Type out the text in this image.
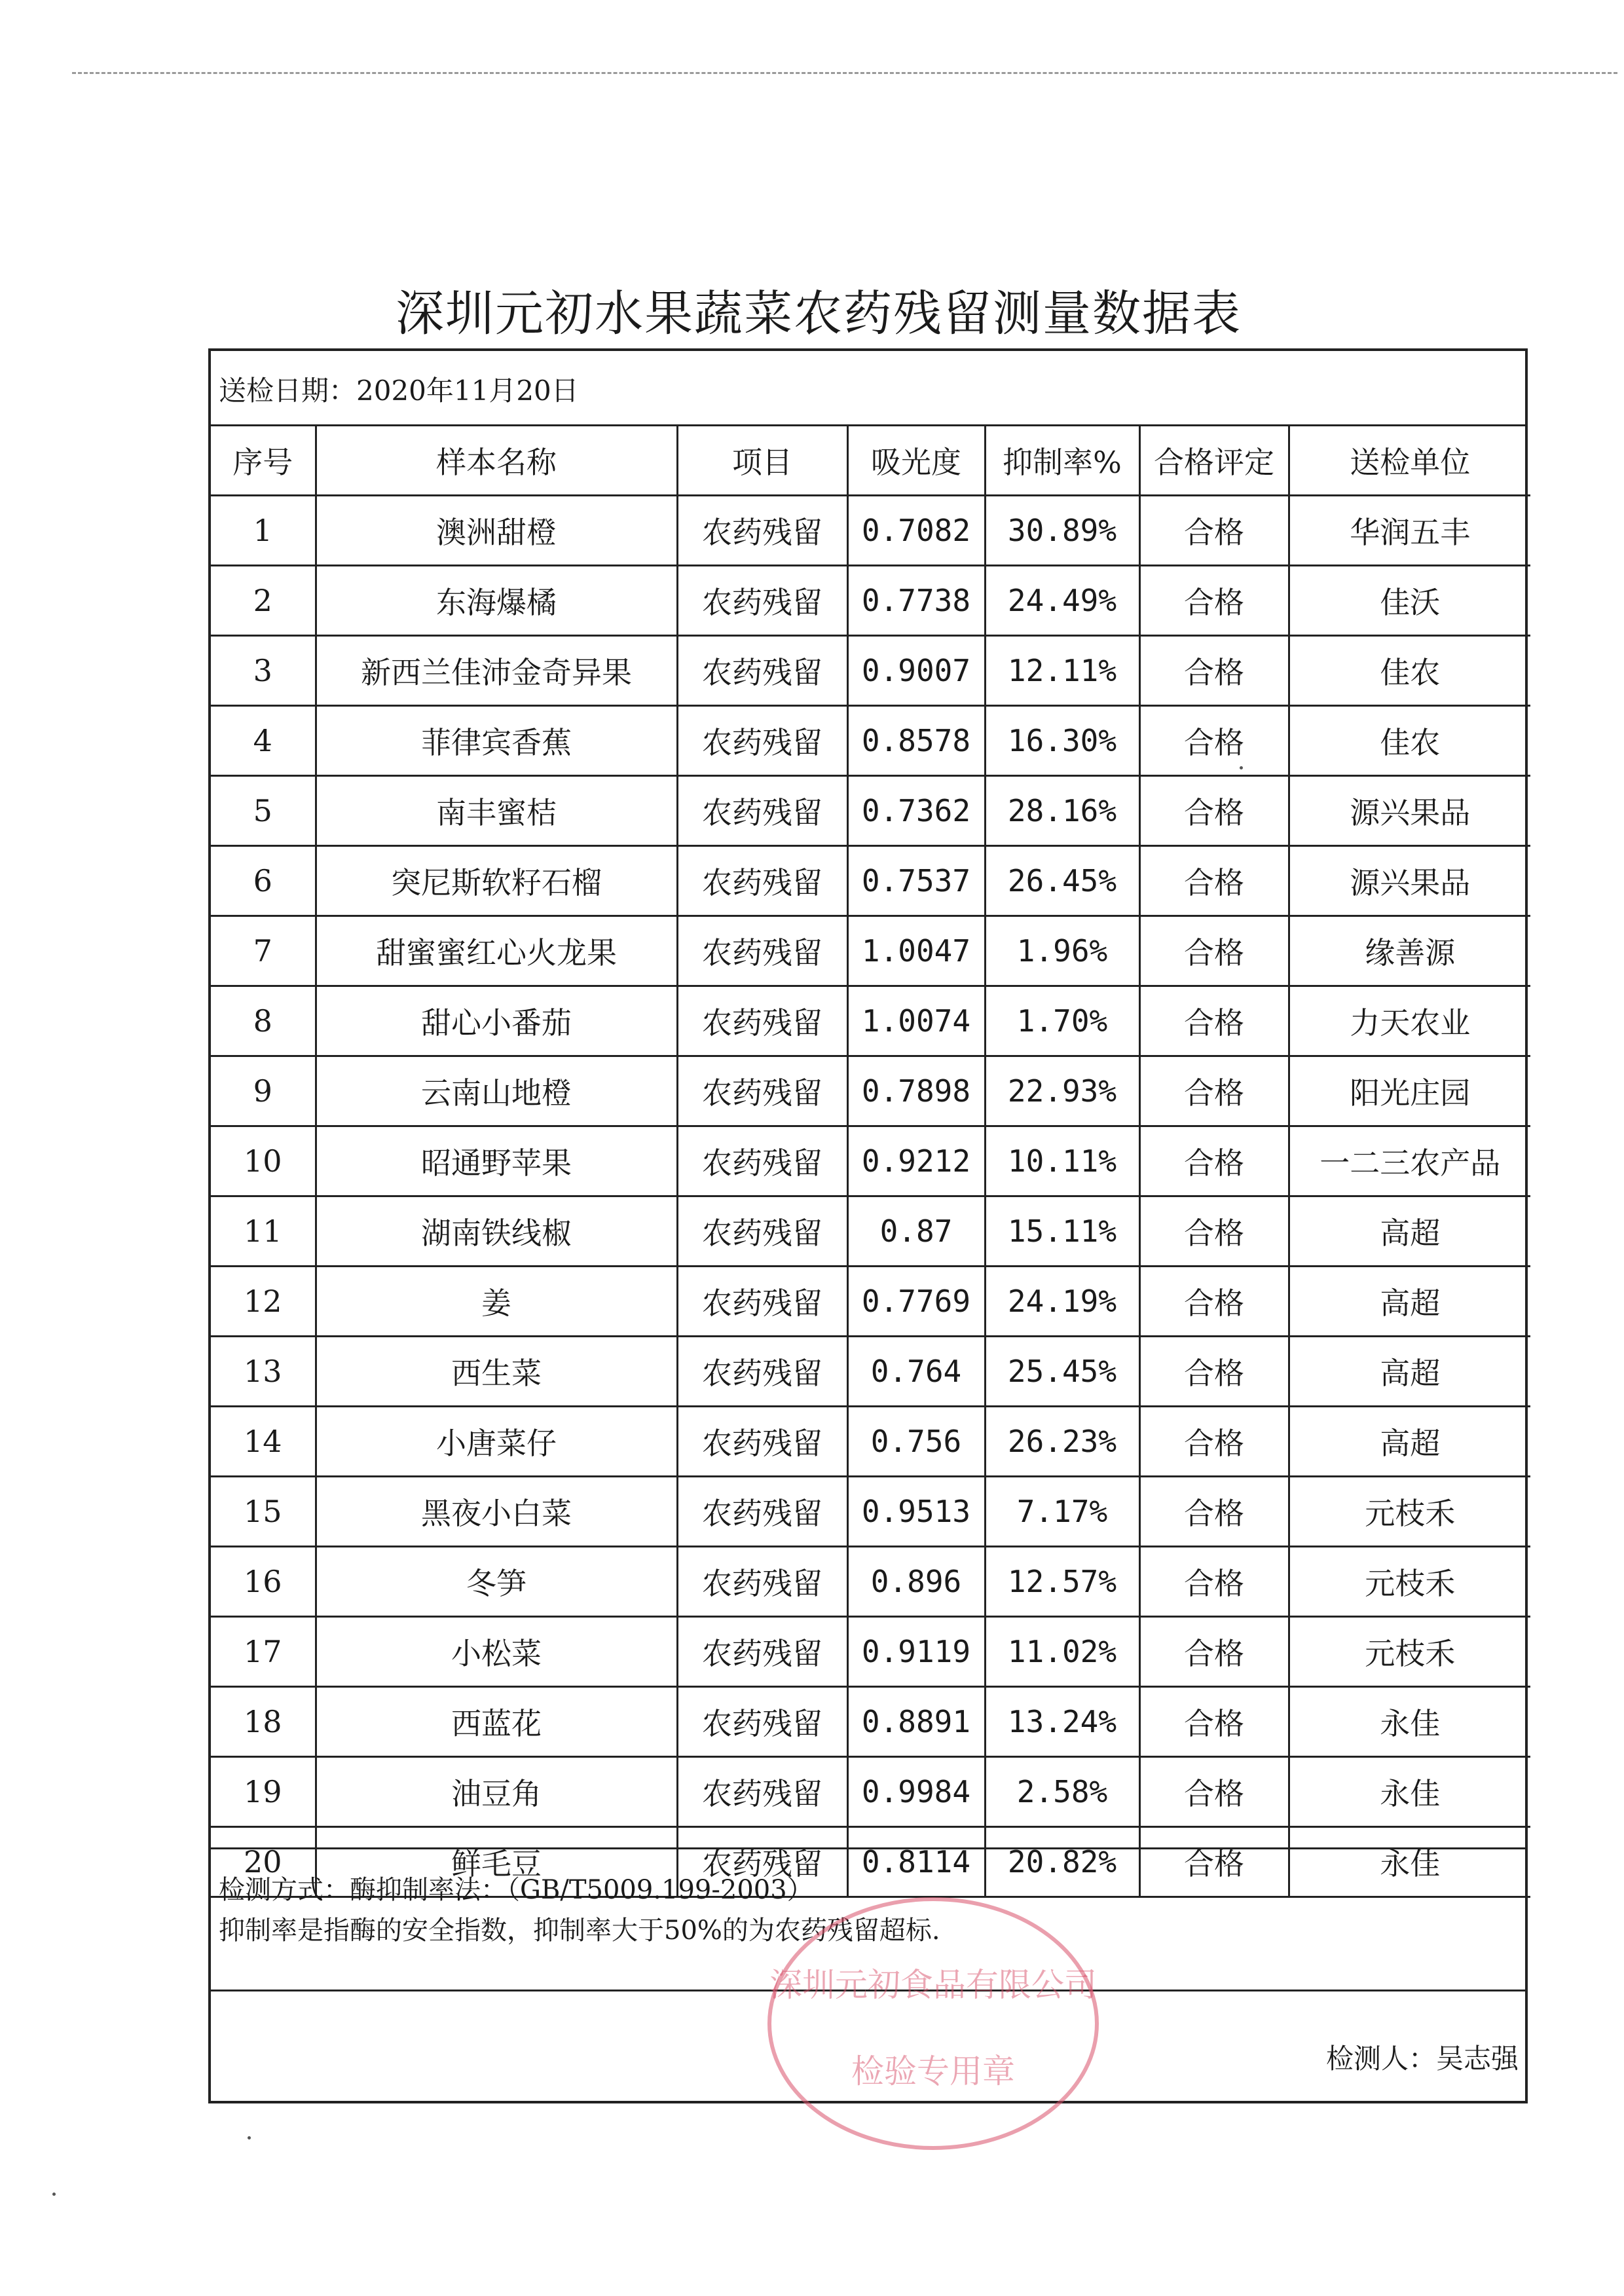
深圳元初水果蔬菜农药残留测量数据表
送检日期：2020年11月20日
序号	样本名称	项目	吸光度	抑制率%	合格评定	送检单位
1	澳洲甜橙	农药残留	0.7082	30.89%	合格	华润五丰
2	东海爆橘	农药残留	0.7738	24.49%	合格	佳沃
3	新西兰佳沛金奇异果	农药残留	0.9007	12.11%	合格	佳农
4	菲律宾香蕉	农药残留	0.8578	16.30%	合格	佳农
5	南丰蜜桔	农药残留	0.7362	28.16%	合格	源兴果品
6	突尼斯软籽石榴	农药残留	0.7537	26.45%	合格	源兴果品
7	甜蜜蜜红心火龙果	农药残留	1.0047	1.96%	合格	缘善源
8	甜心小番茄	农药残留	1.0074	1.70%	合格	力天农业
9	云南山地橙	农药残留	0.7898	22.93%	合格	阳光庄园
10	昭通野苹果	农药残留	0.9212	10.11%	合格	一二三农产品
11	湖南铁线椒	农药残留	0.87	15.11%	合格	高超
12	姜	农药残留	0.7769	24.19%	合格	高超
13	西生菜	农药残留	0.764	25.45%	合格	高超
14	小唐菜仔	农药残留	0.756	26.23%	合格	高超
15	黑夜小白菜	农药残留	0.9513	7.17%	合格	元枝禾
16	冬笋	农药残留	0.896	12.57%	合格	元枝禾
17	小松菜	农药残留	0.9119	11.02%	合格	元枝禾
18	西蓝花	农药残留	0.8891	13.24%	合格	永佳
19	油豆角	农药残留	0.9984	2.58%	合格	永佳
20	鲜毛豆	农药残留	0.8114	20.82%	合格	永佳
检测方式：酶抑制率法：（GB/T5009.199-2003）
抑制率是指酶的安全指数，抑制率大于50%的为农药残留超标.
检测人：吴志强
深圳元初食品有限公司
检验专用章
